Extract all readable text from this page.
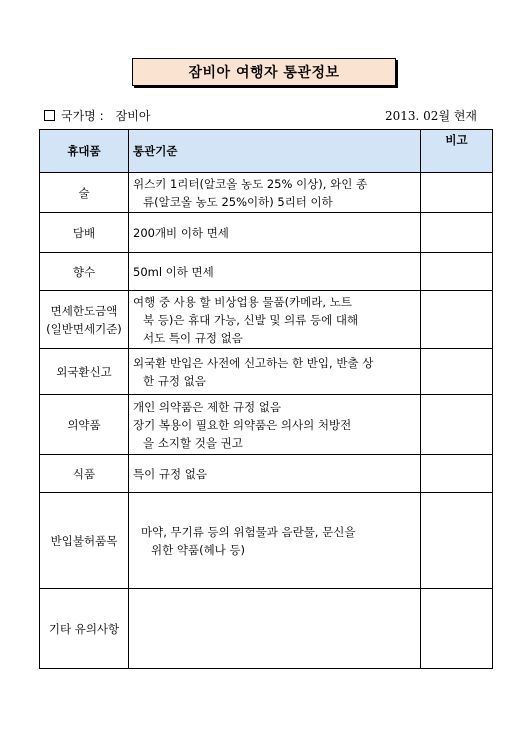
잠비아 여행자 통관정보
국가명 : 잠비아	2013. 02월 현재
휴대품	통관기준	비고

술	위스키 1리터(알코올 농도 25% 이상), 와인 종
류(알코올 농도 25%이하) 5리터 이하	

담배	200개비 이하 면세	

향수	50ml 이하 면세	

면세한도금액
(일반면세기준)	여행 중 사용 할 비상업용 물품(카메라, 노트
북 등)은 휴대 가능, 신발 및 의류 등에 대해
서도 특이 규정 없음	

외국환신고	외국환 반입은 사전에 신고하는 한 반입, 반출 상
한 규정 없음	

의약품	개인 의약품은 제한 규정 없음
장기 복용이 필요한 의약품은 의사의 처방전
을 소지할 것을 권고	

식품	특이 규정 없음	

반입불허품목	마약, 무기류 등의 위험물과 음란물, 문신을
위한 약품(헤나 등)	

기타 유의사항		
